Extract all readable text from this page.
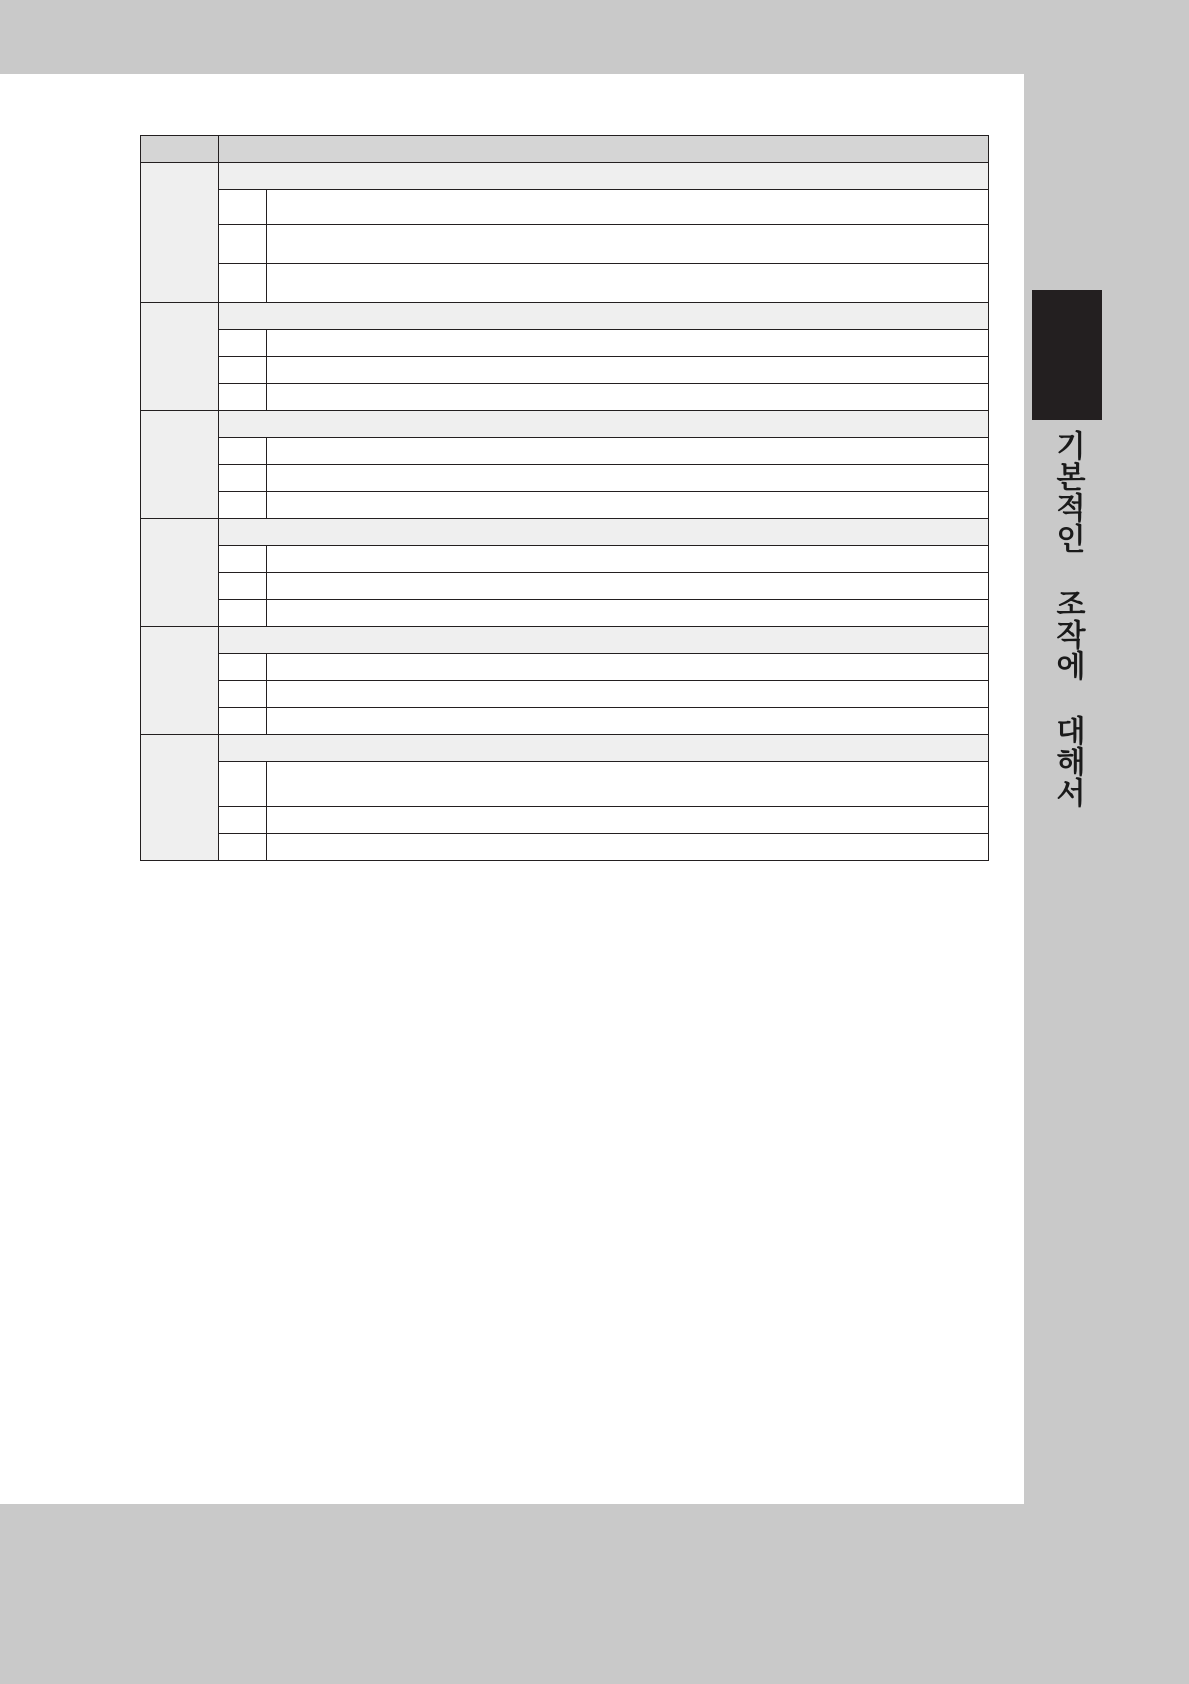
기본적인 조작에 대해서
